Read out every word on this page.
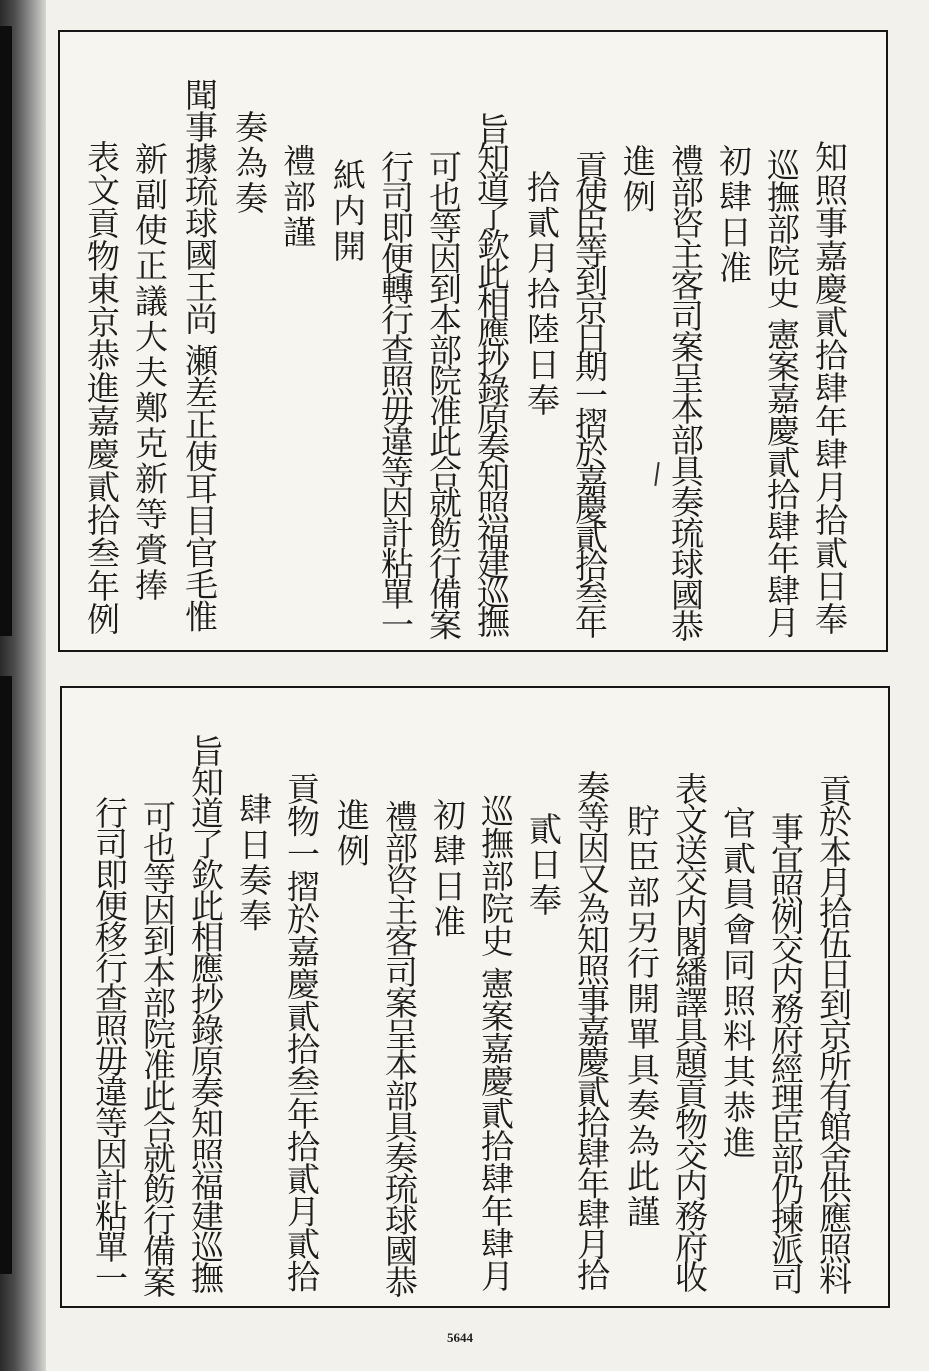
知照事嘉慶貳拾肆年肆月拾貳日奉
巡撫部院史 憲案嘉慶貳拾肆年肆月
初肆日准
禮部咨主客司案呈本部具奏琉球國恭
進例
貢使臣等到京日期一摺於嘉慶貳拾叁年
拾貳月拾陸日奉
旨知道了欽此相應抄錄原奏知照福建巡撫
可也等因到本部院准此合就飭行備案
行司即便轉行查照毋違等因計粘單一
紙内開
禮部謹
奏為奏
聞事據琉球國王尚 瀬差正使耳目官毛惟
新副使正議大夫鄭克新等賫捧
表文貢物東京恭進嘉慶貳拾叁年例
貢於本月拾伍日到京所有館舍供應照料
事宜照例交内務府經理臣部仍揀派司
官貳員會同照料其恭進
表文送交内閣繙譯具題貢物交内務府收
貯臣部另行開單具奏為此謹
奏等因又為知照事嘉慶貳拾肆年肆月拾
貳日奉
巡撫部院史 憲案嘉慶貳拾肆年肆月
初肆日准
禮部咨主客司案呈本部具奏琉球國恭
進例
貢物一摺於嘉慶貳拾叁年拾貳月貳拾
肆日奏奉
旨知道了欽此相應抄錄原奏知照福建巡撫
可也等因到本部院准此合就飭行備案
行司即便移行查照毋違等因計粘單一
5644
